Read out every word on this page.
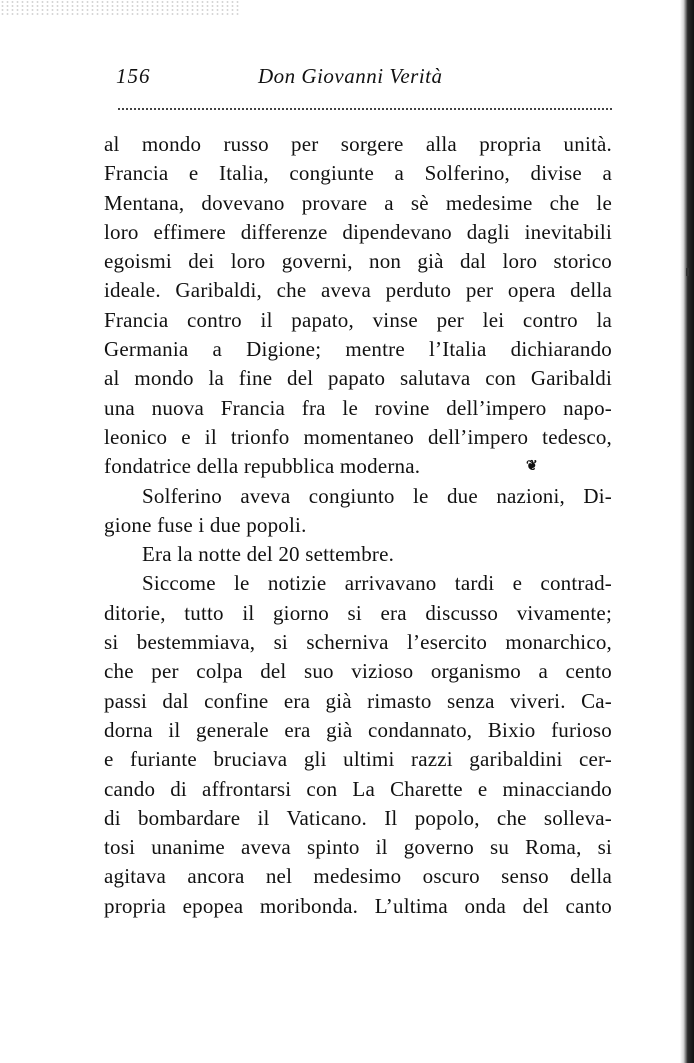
156	Don Giovanni Verità
al mondo russo per sorgere alla propria unità.
Francia e Italia, congiunte a Solferino, divise a
Mentana, dovevano provare a sè medesime che le
loro effimere differenze dipendevano dagli inevitabili
egoismi dei loro governi, non già dal loro storico
ideale. Garibaldi, che aveva perduto per opera della
Francia contro il papato, vinse per lei contro la
Germania a Digione; mentre l’Italia dichiarando
al mondo la fine del papato salutava con Garibaldi
una nuova Francia fra le rovine dell’impero napo-
leonico e il trionfo momentaneo dell’impero tedesco,
fondatrice della repubblica moderna.
Solferino aveva congiunto le due nazioni, Di-
gione fuse i due popoli.
Era la notte del 20 settembre.
Siccome le notizie arrivavano tardi e contrad-
ditorie, tutto il giorno si era discusso vivamente;
si bestemmiava, si scherniva l’esercito monarchico,
che per colpa del suo vizioso organismo a cento
passi dal confine era già rimasto senza viveri. Ca-
dorna il generale era già condannato, Bixio furioso
e furiante bruciava gli ultimi razzi garibaldini cer-
cando di affrontarsi con La Charette e minacciando
di bombardare il Vaticano. Il popolo, che solleva-
tosi unanime aveva spinto il governo su Roma, si
agitava ancora nel medesimo oscuro senso della
propria epopea moribonda. L’ultima onda del canto
❦
